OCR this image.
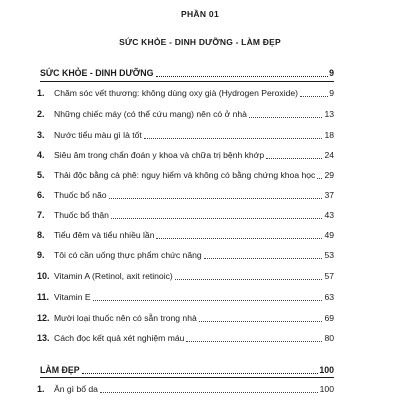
PHẦN 01
SỨC KHỎE - DINH DƯỠNG - LÀM ĐẸP
SỨC KHỎE - DINH DƯỠNG	9
1. Chăm sóc vết thương: không dùng oxy già (Hydrogen Peroxide)	9
2. Những chiếc máy (có thể cứu mạng) nên có ở nhà	13
3. Nước tiểu màu gì là tốt	18
4. Siêu âm trong chẩn đoán y khoa và chữa trị bệnh khớp	24
5. Thải độc bằng cà phê: nguy hiểm và không có bằng chứng khoa học 29
6. Thuốc bổ não	37
7. Thuốc bổ thận	43
8. Tiểu đêm và tiểu nhiều lần	49
9. Tôi có cần uống thực phẩm chức năng	53
10. Vitamin A (Retinol, axit retinoic)	57
11. Vitamin E	63
12. Mười loại thuốc nên có sẵn trong nhà	69
13. Cách đọc kết quả xét nghiệm máu	80
LÀM ĐẸP	100
1. Ăn gì bổ da	100
